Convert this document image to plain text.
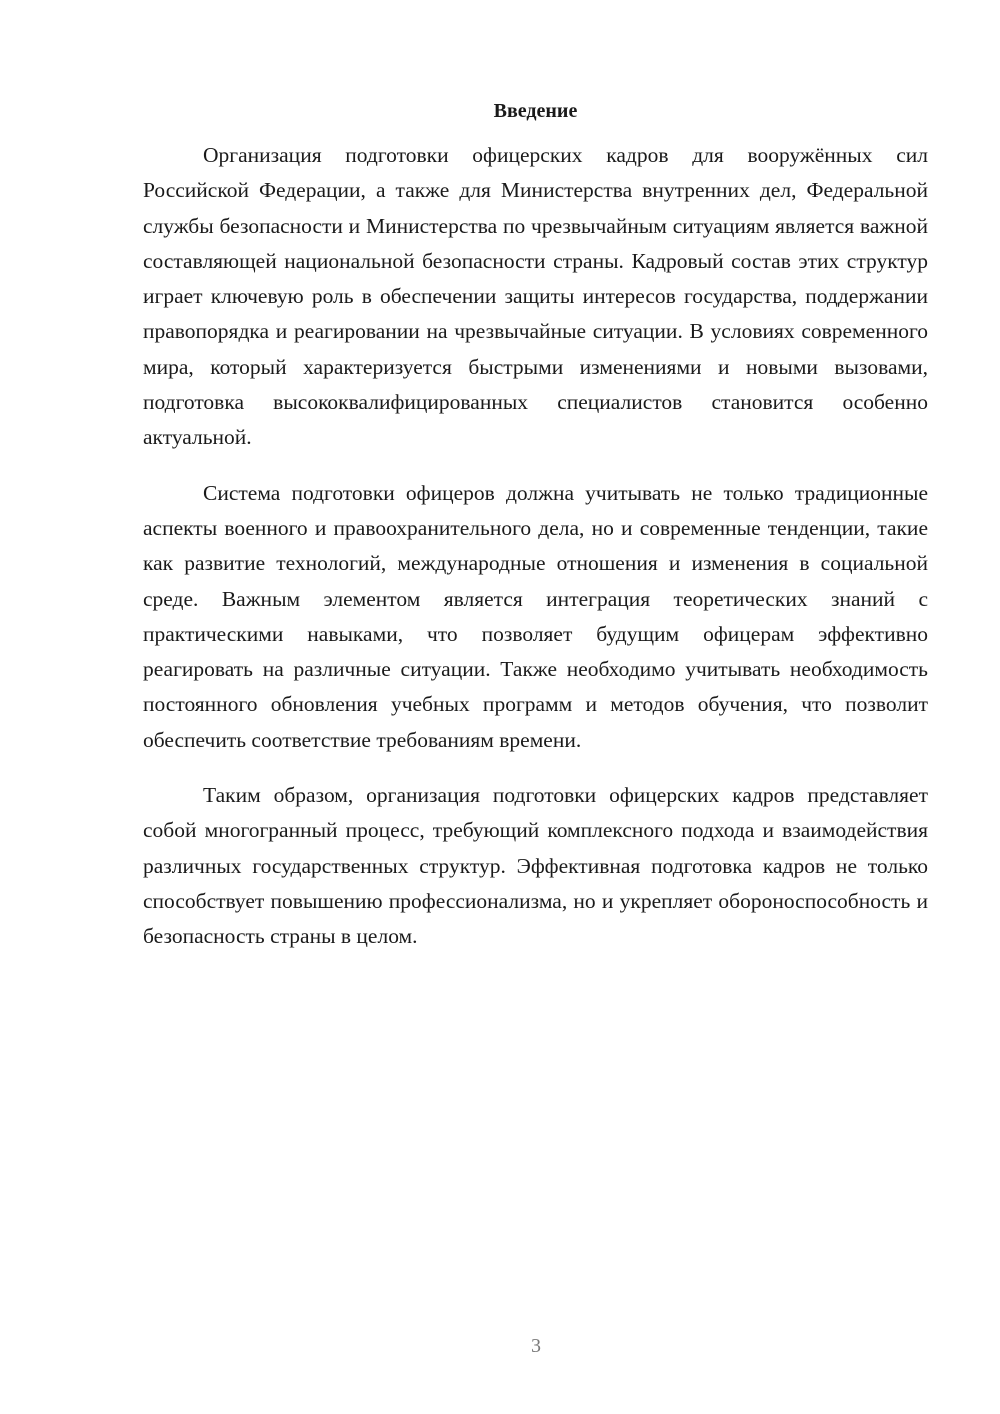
Введение

Организация подготовки офицерских кадров для вооружённых сил Российской Федерации, а также для Министерства внутренних дел, Федеральной службы безопасности и Министерства по чрезвычайным ситуациям является важной составляющей национальной безопасности страны. Кадровый состав этих структур играет ключевую роль в обеспечении защиты интересов государства, поддержании правопорядка и реагировании на чрезвычайные ситуации. В условиях современного мира, который характеризуется быстрыми изменениями и новыми вызовами, подготовка высококвалифицированных специалистов становится особенно актуальной.

Система подготовки офицеров должна учитывать не только традиционные аспекты военного и правоохранительного дела, но и современные тенденции, такие как развитие технологий, международные отношения и изменения в социальной среде. Важным элементом является интеграция теоретических знаний с практическими навыками, что позволяет будущим офицерам эффективно реагировать на различные ситуации. Также необходимо учитывать необходимость постоянного обновления учебных программ и методов обучения, что позволит обеспечить соответствие требованиям времени.

Таким образом, организация подготовки офицерских кадров представляет собой многогранный процесс, требующий комплексного подхода и взаимодействия различных государственных структур. Эффективная подготовка кадров не только способствует повышению профессионализма, но и укрепляет обороноспособность и безопасность страны в целом.

3
